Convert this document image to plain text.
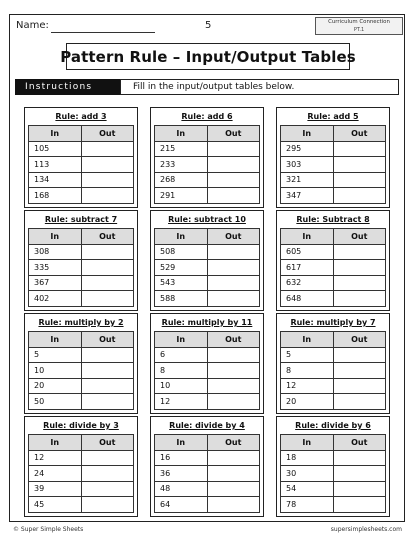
Name:	5	Curriculum Connection
PT.1
Pattern Rule – Input/Output Tables
Instructions	Fill in the input/output tables below.
Rule: add 3
In	Out
105	
113	
134	
168	
Rule: add 6
In	Out
215	
233	
268	
291	
Rule: add 5
In	Out
295	
303	
321	
347	
Rule: subtract 7
In	Out
308	
335	
367	
402	
Rule: subtract 10
In	Out
508	
529	
543	
588	
Rule: Subtract 8
In	Out
605	
617	
632	
648	
Rule: multiply by 2
In	Out
5	
10	
20	
50	
Rule: multiply by 11
In	Out
6	
8	
10	
12	
Rule: multiply by 7
In	Out
5	
8	
12	
20	
Rule: divide by 3
In	Out
12	
24	
39	
45	
Rule: divide by 4
In	Out
16	
36	
48	
64	
Rule: divide by 6
In	Out
18	
30	
54	
78	
© Super Simple Sheets	supersimplesheets.com
